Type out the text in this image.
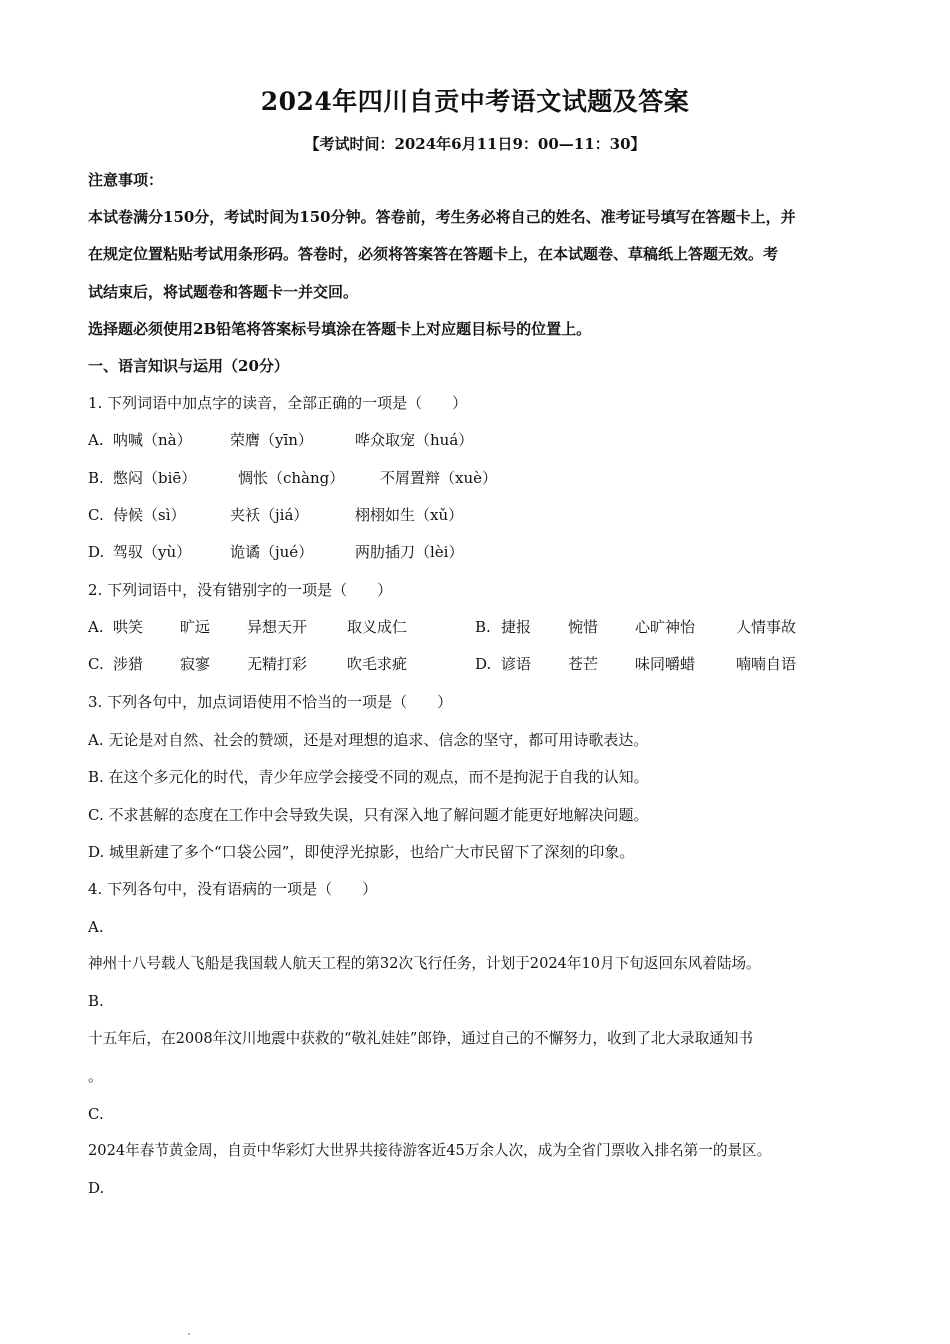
2024年四川自贡中考语文试题及答案
【考试时间：2024年6月11日9：00—11：30】
注意事项：
本试卷满分150分，考试时间为150分钟。答卷前，考生务必将自己的姓名、准考证号填写在答题卡上，并
在规定位置粘贴考试用条形码。答卷时，必须将答案答在答题卡上，在本试题卷、草稿纸上答题无效。考
试结束后，将试题卷和答题卡一并交回。
选择题必须使用2B铅笔将答案标号填涂在答题卡上对应题目标号的位置上。
一、语言知识与运用（20分）
1. 下列词语中加点字的读音，全部正确的一项是（　　）
A. 呐喊（nà）	荣膺（yīn）	哗众取宠（huá）
B. 憋闷（biē）	惆怅（chàng） 不屑置辩（xuè）
C. 侍候（sì）	夹袄（jiá）	栩栩如生（xǔ）
D. 驾驭（yù）	诡谲（jué）	两肋插刀（lèi）
2. 下列词语中，没有错别字的一项是（　　）
A. 哄笑 旷远 异想天开	取义成仁	B. 捷报 惋惜 心旷神怡	人情事故
C. 涉猎 寂寥 无精打彩	吹毛求疵	D. 谚语 苍芒 味同嚼蜡	喃喃自语
3. 下列各句中，加点词语使用不恰当的一项是（　　）
A. 无论是对自然、社会的赞颂，还是对理想的追求、信念的坚守，都可用诗歌表达。
B. 在这个多元化的时代，青少年应学会接受不同的观点，而不是拘泥于自我的认知。
C. 不求甚解的态度在工作中会导致失误，只有深入地了解问题才能更好地解决问题。
D. 城里新建了多个“口袋公园”，即使浮光掠影，也给广大市民留下了深刻的印象。
4. 下列各句中，没有语病的一项是（　　）
A.
神州十八号载人飞船是我国载人航天工程的第32次飞行任务，计划于2024年10月下旬返回东风着陆场。
B.
十五年后，在2008年汶川地震中获救的“敬礼娃娃”郎铮，通过自己的不懈努力，收到了北大录取通知书
。
C.
2024年春节黄金周，自贡中华彩灯大世界共接待游客近45万余人次，成为全省门票收入排名第一的景区。
D.
